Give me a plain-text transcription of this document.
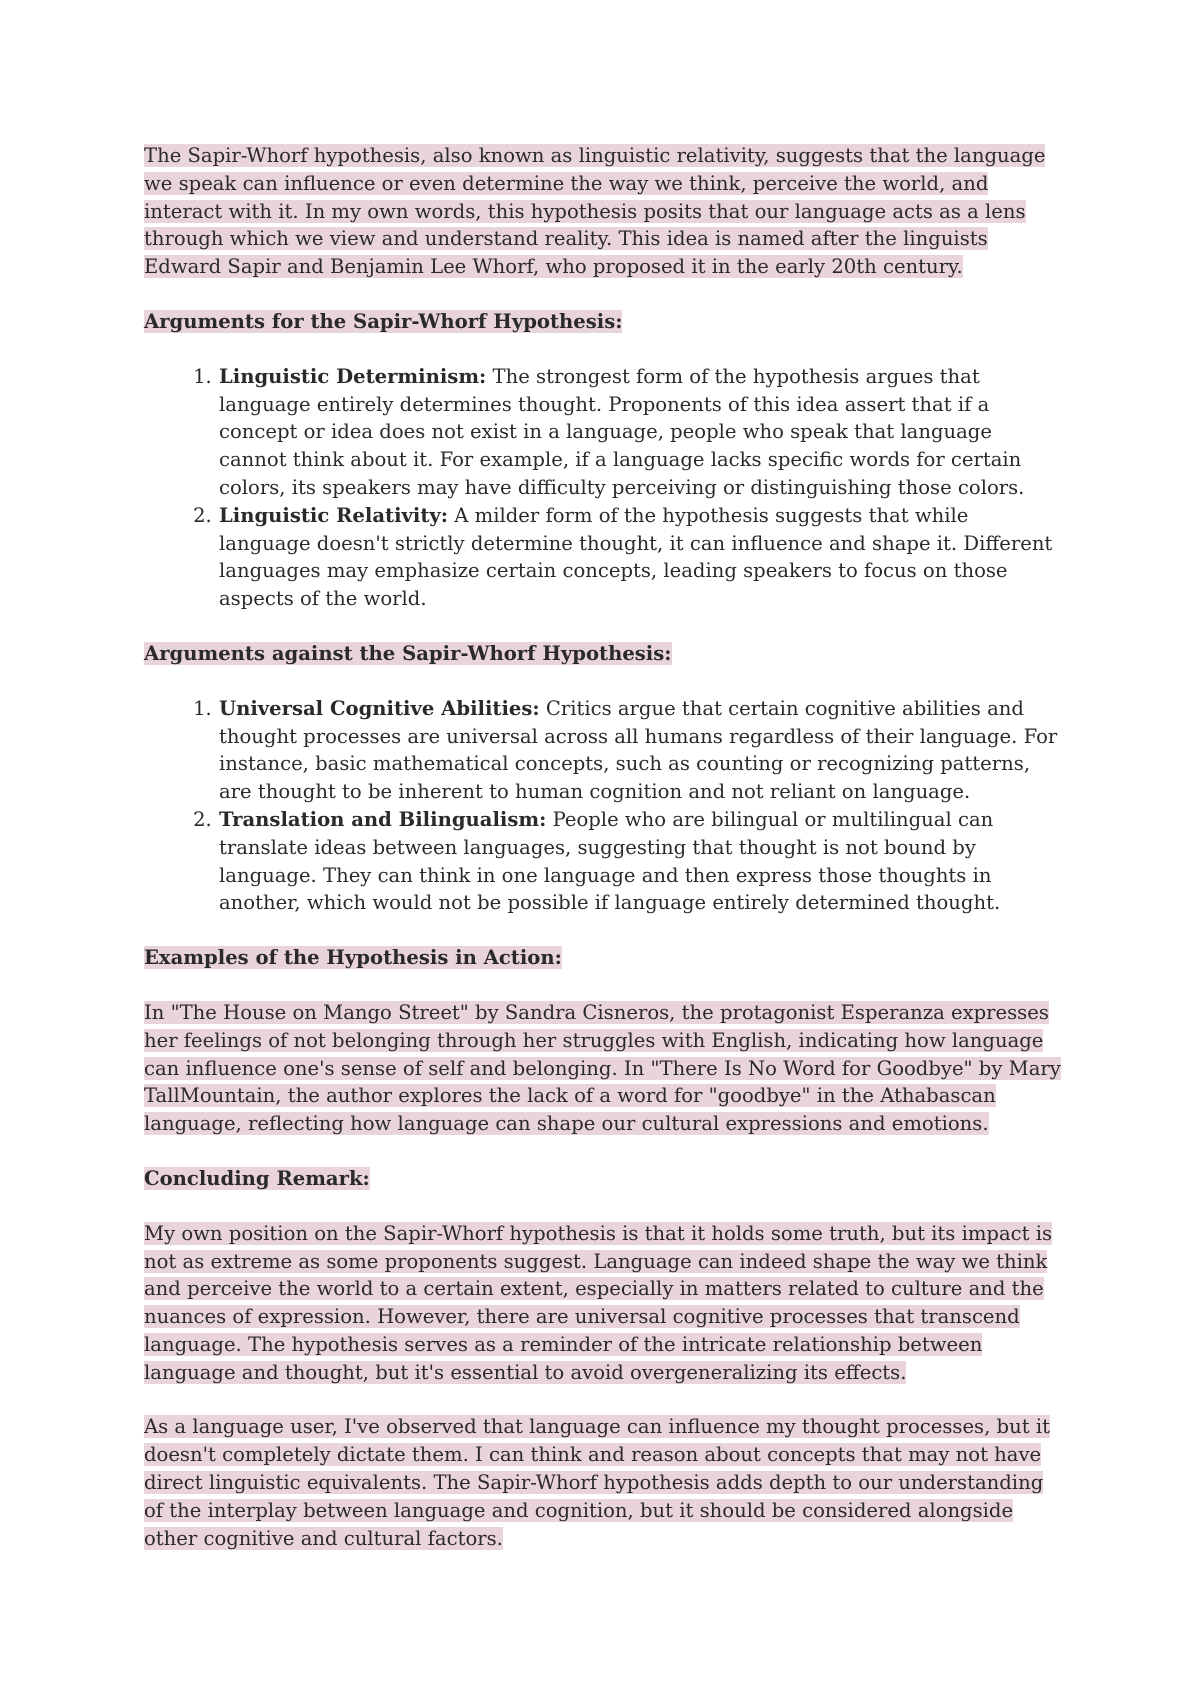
The Sapir-Whorf hypothesis, also known as linguistic relativity, suggests that the language we speak can influence or even determine the way we think, perceive the world, and interact with it. In my own words, this hypothesis posits that our language acts as a lens through which we view and understand reality. This idea is named after the linguists Edward Sapir and Benjamin Lee Whorf, who proposed it in the early 20th century.

Arguments for the Sapir-Whorf Hypothesis:

1. Linguistic Determinism: The strongest form of the hypothesis argues that language entirely determines thought. Proponents of this idea assert that if a concept or idea does not exist in a language, people who speak that language cannot think about it. For example, if a language lacks specific words for certain colors, its speakers may have difficulty perceiving or distinguishing those colors.
2. Linguistic Relativity: A milder form of the hypothesis suggests that while language doesn't strictly determine thought, it can influence and shape it. Different languages may emphasize certain concepts, leading speakers to focus on those aspects of the world.

Arguments against the Sapir-Whorf Hypothesis:

1. Universal Cognitive Abilities: Critics argue that certain cognitive abilities and thought processes are universal across all humans regardless of their language. For instance, basic mathematical concepts, such as counting or recognizing patterns, are thought to be inherent to human cognition and not reliant on language.
2. Translation and Bilingualism: People who are bilingual or multilingual can translate ideas between languages, suggesting that thought is not bound by language. They can think in one language and then express those thoughts in another, which would not be possible if language entirely determined thought.

Examples of the Hypothesis in Action:

In "The House on Mango Street" by Sandra Cisneros, the protagonist Esperanza expresses her feelings of not belonging through her struggles with English, indicating how language can influence one's sense of self and belonging. In "There Is No Word for Goodbye" by Mary TallMountain, the author explores the lack of a word for "goodbye" in the Athabascan language, reflecting how language can shape our cultural expressions and emotions.

Concluding Remark:

My own position on the Sapir-Whorf hypothesis is that it holds some truth, but its impact is not as extreme as some proponents suggest. Language can indeed shape the way we think and perceive the world to a certain extent, especially in matters related to culture and the nuances of expression. However, there are universal cognitive processes that transcend language. The hypothesis serves as a reminder of the intricate relationship between language and thought, but it's essential to avoid overgeneralizing its effects.

As a language user, I've observed that language can influence my thought processes, but it doesn't completely dictate them. I can think and reason about concepts that may not have direct linguistic equivalents. The Sapir-Whorf hypothesis adds depth to our understanding of the interplay between language and cognition, but it should be considered alongside other cognitive and cultural factors.
